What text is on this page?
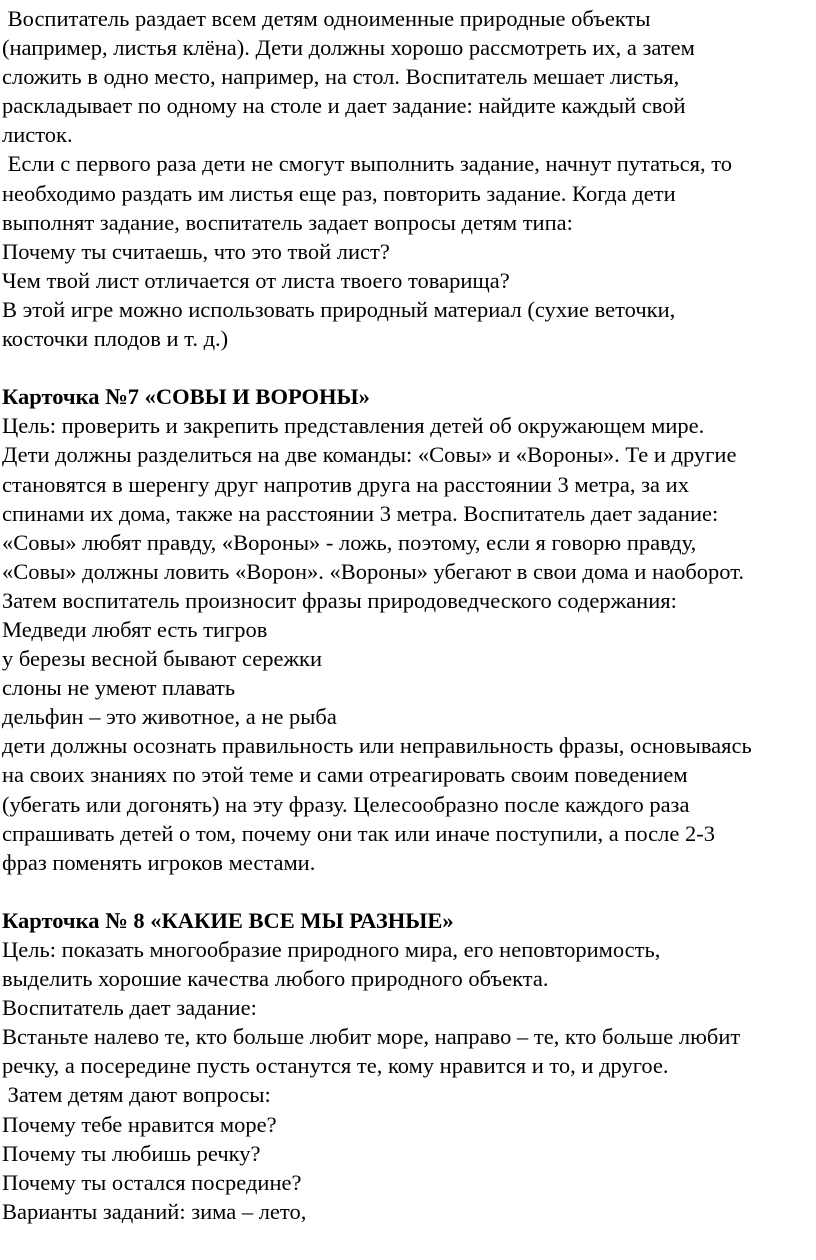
Воспитатель раздает всем детям одноименные природные объекты
(например, листья клёна). Дети должны хорошо рассмотреть их, а затем
сложить в одно место, например, на стол. Воспитатель мешает листья,
раскладывает по одному на столе и дает задание: найдите каждый свой
листок.
Если с первого раза дети не смогут выполнить задание, начнут путаться, то
необходимо раздать им листья еще раз, повторить задание. Когда дети
выполнят задание, воспитатель задает вопросы детям типа:
Почему ты считаешь, что это твой лист?
Чем твой лист отличается от листа твоего товарища?
В этой игре можно использовать природный материал (сухие веточки,
косточки плодов и т. д.)
Карточка №7 «СОВЫ И ВОРОНЫ»
Цель: проверить и закрепить представления детей об окружающем мире.
Дети должны разделиться на две команды: «Совы» и «Вороны». Те и другие
становятся в шеренгу друг напротив друга на расстоянии 3 метра, за их
спинами их дома, также на расстоянии 3 метра. Воспитатель дает задание:
«Совы» любят правду, «Вороны» - ложь, поэтому, если я говорю правду,
«Совы» должны ловить «Ворон». «Вороны» убегают в свои дома и наоборот.
Затем воспитатель произносит фразы природоведческого содержания:
Медведи любят есть тигров
у березы весной бывают сережки
слоны не умеют плавать
дельфин – это животное, а не рыба
дети должны осознать правильность или неправильность фразы, основываясь
на своих знаниях по этой теме и сами отреагировать своим поведением
(убегать или догонять) на эту фразу. Целесообразно после каждого раза
спрашивать детей о том, почему они так или иначе поступили, а после 2-3
фраз поменять игроков местами.
Карточка № 8 «КАКИЕ ВСЕ МЫ РАЗНЫЕ»
Цель: показать многообразие природного мира, его неповторимость,
выделить хорошие качества любого природного объекта.
Воспитатель дает задание:
Встаньте налево те, кто больше любит море, направо – те, кто больше любит
речку, а посередине пусть останутся те, кому нравится и то, и другое.
Затем детям дают вопросы:
Почему тебе нравится море?
Почему ты любишь речку?
Почему ты остался посредине?
Варианты заданий: зима – лето,
